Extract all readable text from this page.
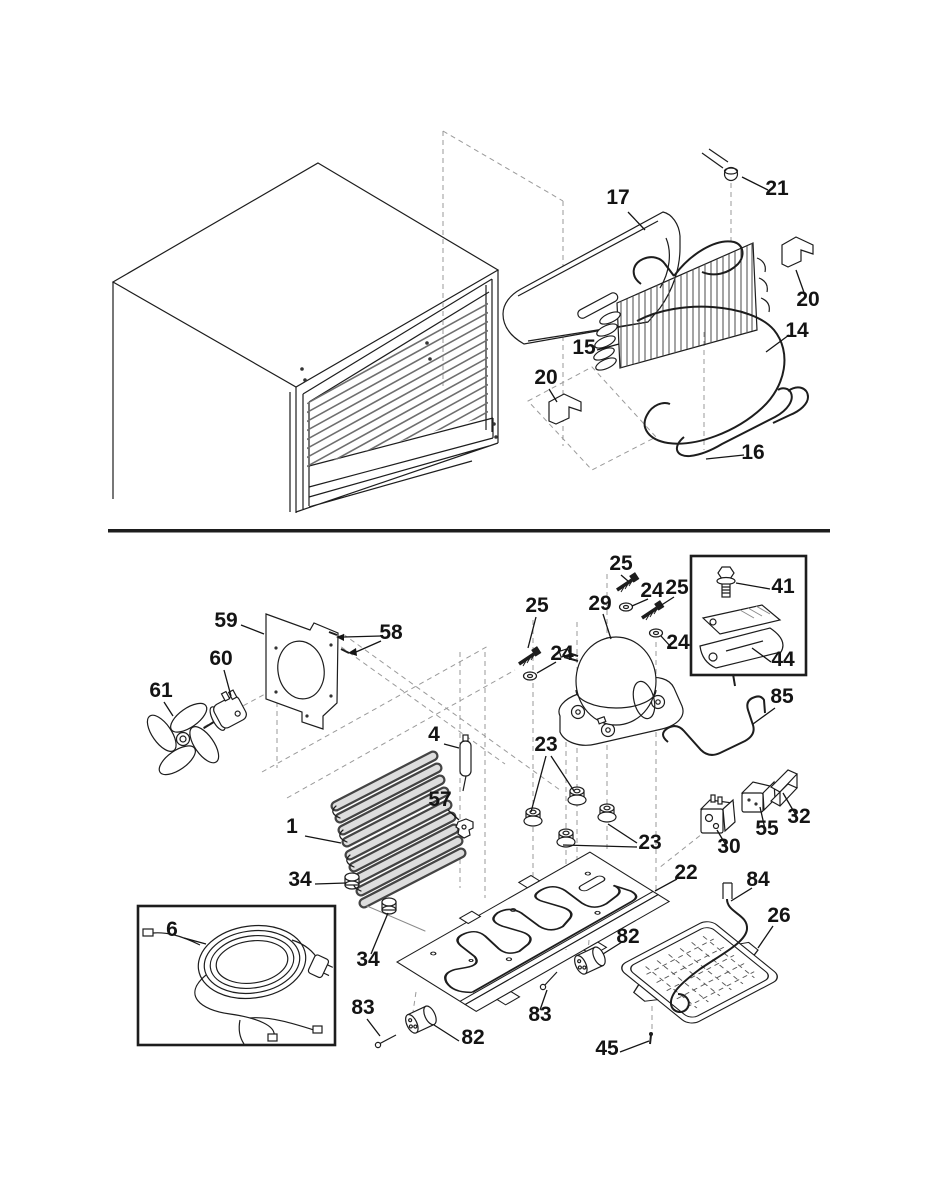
17	21
20
15
14
16
20
59
58
60
61
25
25
24 25
29
24	24
41
44
85
4	23
57
1	32
55
30
23
34	22 84
26
6
34
82
83
83
82	45
